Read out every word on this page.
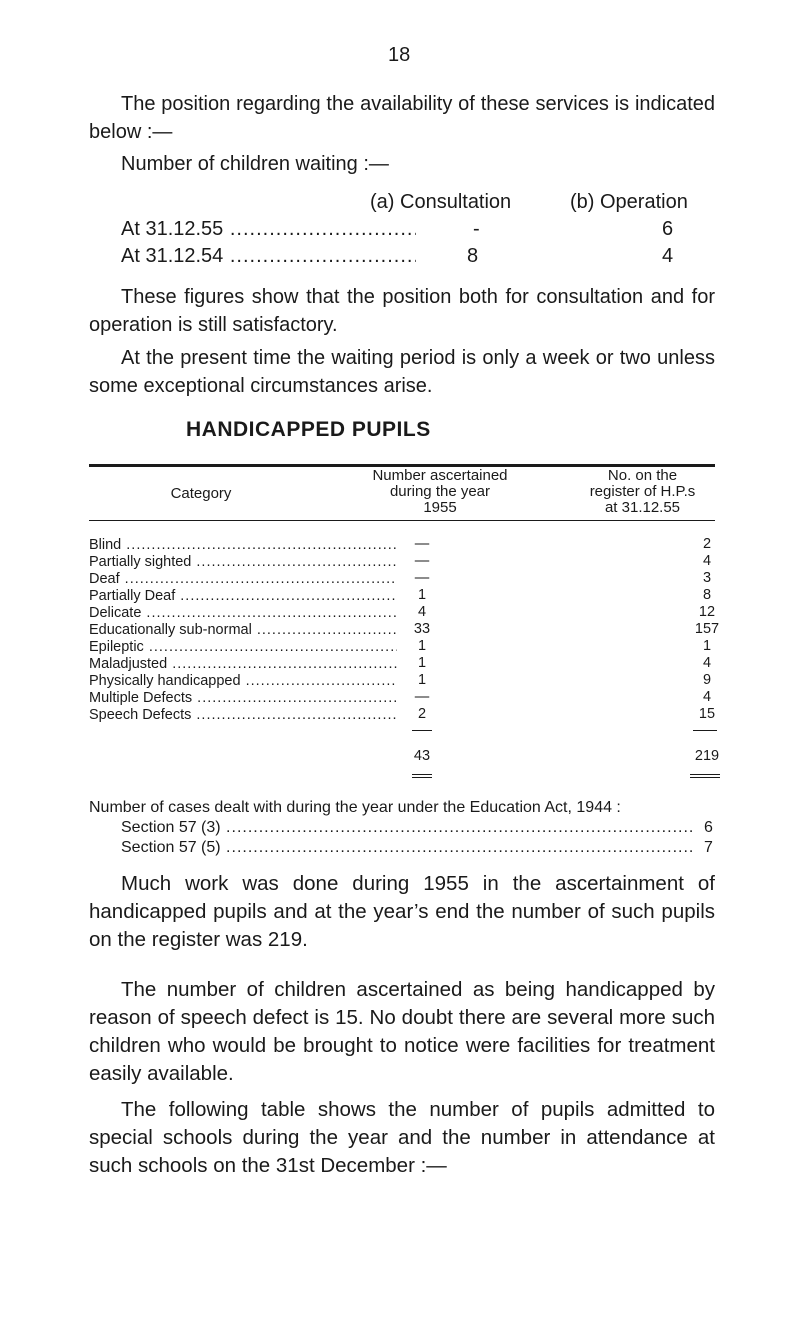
18
The position regarding the availability of these services is indicated below :—
Number of children waiting :—
(a) Consultation	(b) Operation
At 31.12.55 .....	-	6
At 31.12.54 .....	8	4
These figures show that the position both for consultation and for operation is still satisfactory.
At the present time the waiting period is only a week or two unless some exceptional circumstances arise.
HANDICAPPED PUPILS
Category
Number ascertained
during the year
1955
No. on the
register of H.P.s
at 31.12.55
Blind .....	—	2
Partially sighted .....	—	4
Deaf .....	—	3
Partially Deaf .....	1	8
Delicate .....	4	12
Educationally sub-normal .....	33	157
Epileptic .....	1	1
Maladjusted .....	1	4
Physically handicapped .....	1	9
Multiple Defects .....	—	4
Speech Defects .....	2	15
43	219
Number of cases dealt with during the year under the Education Act, 1944 :
Section 57 (3) .....	6
Section 57 (5) .....	7
Much work was done during 1955 in the ascertainment of handicapped pupils and at the year’s end the number of such pupils on the register was 219.
The number of children ascertained as being handicapped by reason of speech defect is 15. No doubt there are several more such children who would be brought to notice were facilities for treatment easily available.
The following table shows the number of pupils admitted to special schools during the year and the number in attendance at such schools on the 31st December :—
